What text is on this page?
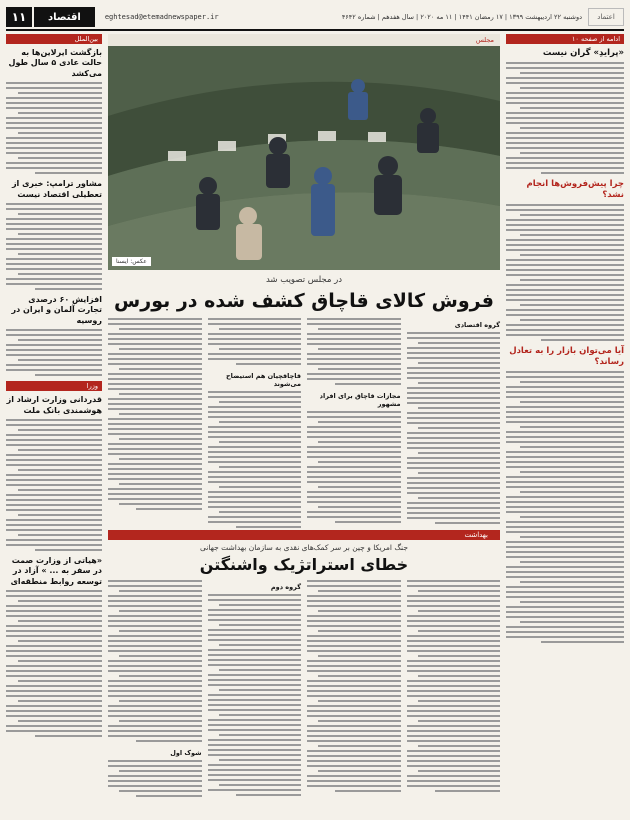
اعتماد
دوشنبه ۲۲ اردیبهشت ۱۳۹۹ | ۱۷ رمضان ۱۴۴۱ | ۱۱ مه ۲۰۲۰ | سال هفدهم | شماره ۴۶۴۲
eghtesad@etemadnewspaper.ir
اقتصاد
۱۱
ادامه از صفحه ۱۰
«پرایدِ» گران نیست
چرا پیش‌فروش‌ها انجام نشد؟
آیا می‌توان بازار را به تعادل رساند؟
بین‌الملل
بازگشت ایرلاین‌ها به حالت عادی ۵ سال طول می‌کشد
مشاور ترامپ: خبری از تعطیلی اقتصاد نیست
افزایش ۶۰ درصدی تجارت آلمان و ایران در روسیه
وزرا
قدردانی وزارت ارشاد از هوشمندی بانک ملت
«هیاتی از وزارت صمت در سفر به ... » آزاد در توسعه روابط منطقه‌ای
مجلس
عکس: ایسنا
در مجلس تصویب شد
فروش کالای قاچاق کشف شده در بورس
گروه اقتصادی
مجازات قاچاق برای افراد مشهور
قاچاقچیان هم استیضاح می‌شوند
بهداشت
جنگ امریکا و چین بر سر کمک‌های نقدی به سازمان بهداشت جهانی
خطای استراتژیک واشنگتن
گروه دوم
شوک اول
